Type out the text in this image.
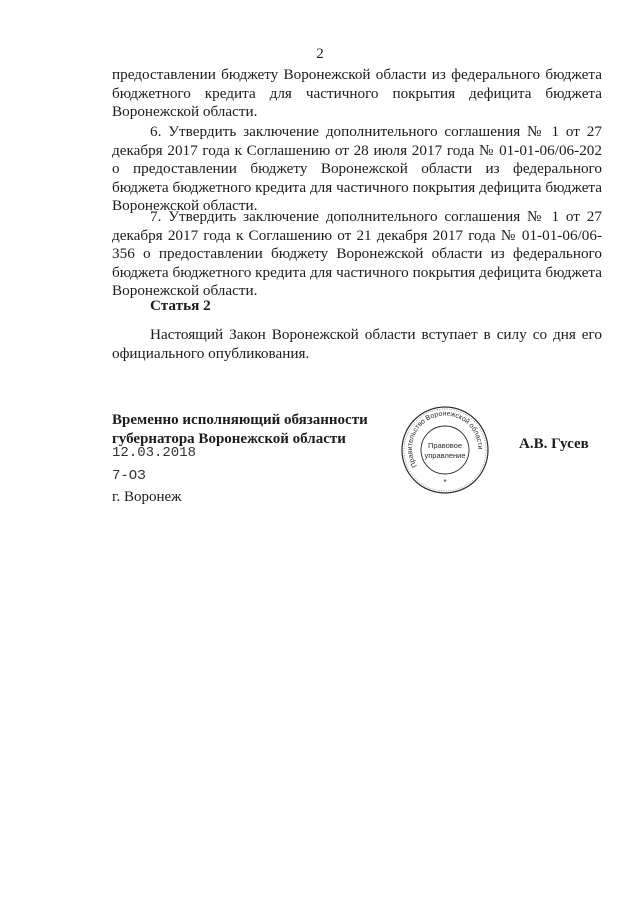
2

предоставлении бюджету Воронежской области из федерального бюджета бюджетного кредита для частичного покрытия дефицита бюджета Воронежской области.

6. Утвердить заключение дополнительного соглашения № 1 от 27 декабря 2017 года к Соглашению от 28 июля 2017 года № 01-01-06/06-202 о предоставлении бюджету Воронежской области из федерального бюджета бюджетного кредита для частичного покрытия дефицита бюджета Воронежской области.

7. Утвердить заключение дополнительного соглашения № 1 от 27 декабря 2017 года к Соглашению от 21 декабря 2017 года № 01-01-06/06-356 о предоставлении бюджету Воронежской области из федерального бюджета бюджетного кредита для частичного покрытия дефицита бюджета Воронежской области.

Статья 2

Настоящий Закон Воронежской области вступает в силу со дня его официального опубликования.

Временно исполняющий обязанности
губернатора Воронежской области
12.03.2018
7-ОЗ
г. Воронеж
Правительство Воронежской области
Правовое
управление
*
А.В. Гусев
